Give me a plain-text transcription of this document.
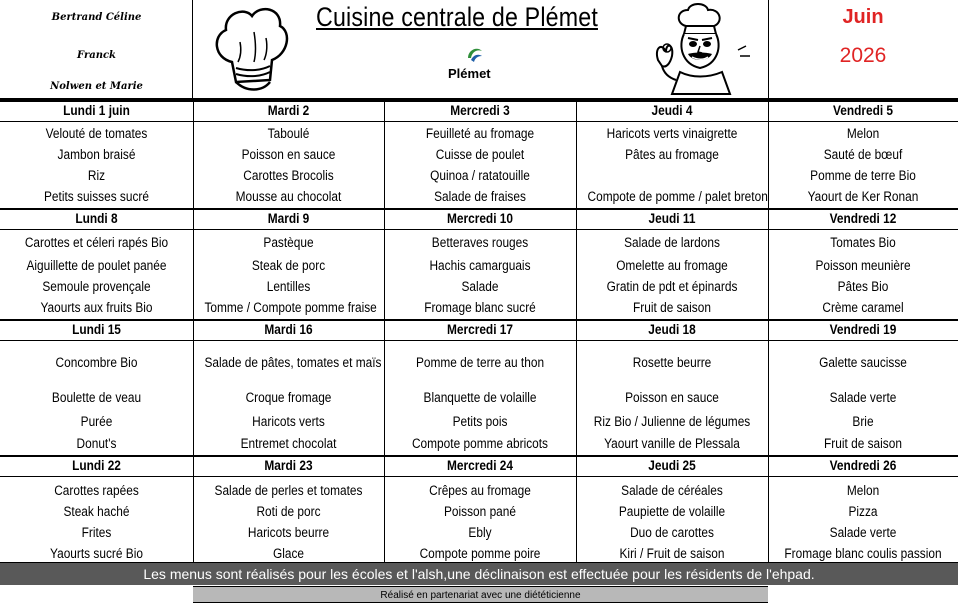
Bertrand Céline
Franck
Nolwen et Marie
Cuisine centrale de Plémet
Plémet
Juin
2026
Lundi 1 juin
Velouté de tomates
Jambon braisé
Riz
Petits suisses sucré
Mardi 2
Taboulé
Poisson en sauce
Carottes Brocolis
Mousse au chocolat
Mercredi 3
Feuilleté au fromage
Cuisse de poulet
Quinoa / ratatouille
Salade de fraises
Jeudi 4
Haricots verts vinaigrette
Pâtes au fromage
Compote de pomme / palet breton
Vendredi 5
Melon
Sauté de bœuf
Pomme de terre Bio
Yaourt de Ker Ronan
Lundi 8
Carottes et céleri rapés Bio
Aiguillette de poulet panée
Semoule provençale
Yaourts aux fruits Bio
Mardi 9
Pastèque
Steak de porc
Lentilles
Tomme / Compote pomme fraise
Mercredi 10
Betteraves rouges
Hachis camarguais
Salade
Fromage blanc sucré
Jeudi 11
Salade de lardons
Omelette au fromage
Gratin de pdt et épinards
Fruit de saison
Vendredi 12
Tomates Bio
Poisson meunière
Pâtes Bio
Crème caramel
Lundi 15
Concombre Bio
Boulette de veau
Purée
Donut's
Mardi 16
Salade de pâtes, tomates et maïs
Croque fromage
Haricots verts
Entremet chocolat
Mercredi 17
Pomme de terre au thon
Blanquette de volaille
Petits pois
Compote pomme abricots
Jeudi 18
Rosette beurre
Poisson en sauce
Riz Bio / Julienne de légumes
Yaourt vanille de Plessala
Vendredi 19
Galette saucisse
Salade verte
Brie
Fruit de saison
Lundi 22
Carottes rapées
Steak haché
Frites
Yaourts sucré Bio
Mardi 23
Salade de perles et tomates
Roti de porc
Haricots beurre
Glace
Mercredi 24
Crêpes au fromage
Poisson pané
Ebly
Compote pomme poire
Jeudi 25
Salade de céréales
Paupiette de volaille
Duo de carottes
Kiri / Fruit de saison
Vendredi 26
Melon
Pizza
Salade verte
Fromage blanc coulis passion
Les menus sont réalisés pour les écoles et l'alsh,une déclinaison est effectuée pour les résidents de l'ehpad.
Réalisé en partenariat avec une diététicienne
